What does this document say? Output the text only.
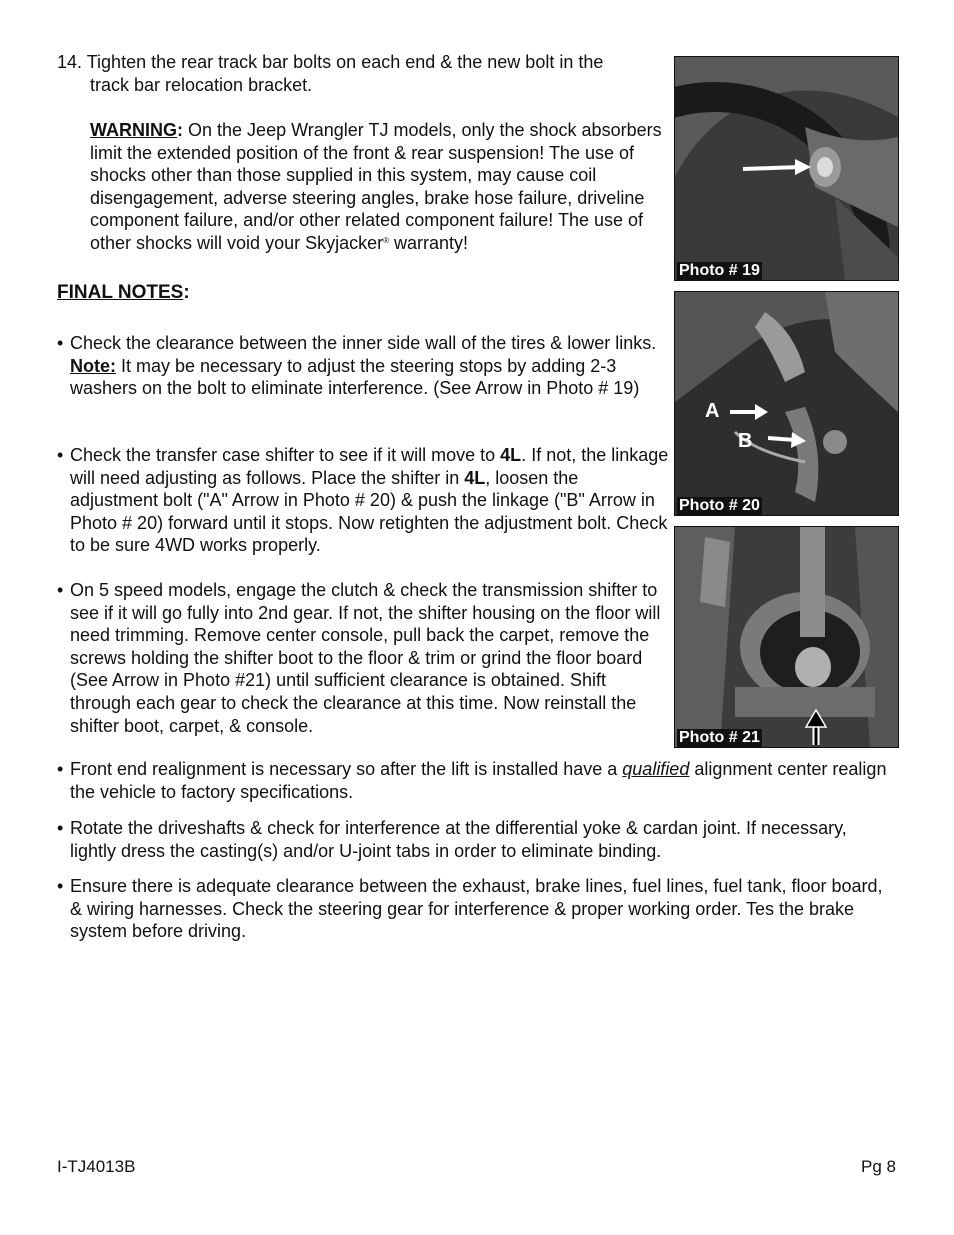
14. Tighten the rear track bar bolts on each end & the new bolt in the
track bar relocation bracket.
WARNING: On the Jeep Wrangler TJ models, only the shock absorbers limit the extended position of the front & rear suspension! The use of shocks other than those supplied in this system, may cause coil disengagement, adverse steering angles, brake hose failure, driveline component failure, and/or other related component failure! The use of other shocks will void your Skyjacker® warranty!
FINAL NOTES:
• Check the clearance between the inner side wall of the tires & lower links. Note: It may be necessary to adjust the steering stops by adding 2-3 washers on the bolt to eliminate interference. (See Arrow in Photo # 19)
• Check the transfer case shifter to see if it will move to 4L. If not, the linkage will need adjusting as follows. Place the shifter in 4L, loosen the adjustment bolt ("A" Arrow in Photo # 20) & push the linkage ("B" Arrow in Photo # 20) forward until it stops. Now retighten the adjustment bolt. Check to be sure 4WD works properly.
• On 5 speed models, engage the clutch & check the transmission shifter to see if it will go fully into 2nd gear. If not, the shifter housing on the floor will need trimming. Remove center console, pull back the carpet, remove the screws holding the shifter boot to the floor & trim or grind the floor board (See Arrow in Photo #21) until sufficient clearance is obtained. Shift through each gear to check the clearance at this time. Now reinstall the shifter boot, carpet, & console.
• Front end realignment is necessary so after the lift is installed have a qualified alignment center realign the vehicle to factory specifications.
• Rotate the driveshafts & check for interference at the differential yoke & cardan joint. If necessary, lightly dress the casting(s) and/or U-joint tabs in order to eliminate binding.
• Ensure there is adequate clearance between the exhaust, brake lines, fuel lines, fuel tank, floor board, & wiring harnesses. Check the steering gear for interference & proper working order. Tes the brake system before driving.
Photo # 19
A
B
Photo # 20
Photo # 21
I-TJ4013B	Pg 8
